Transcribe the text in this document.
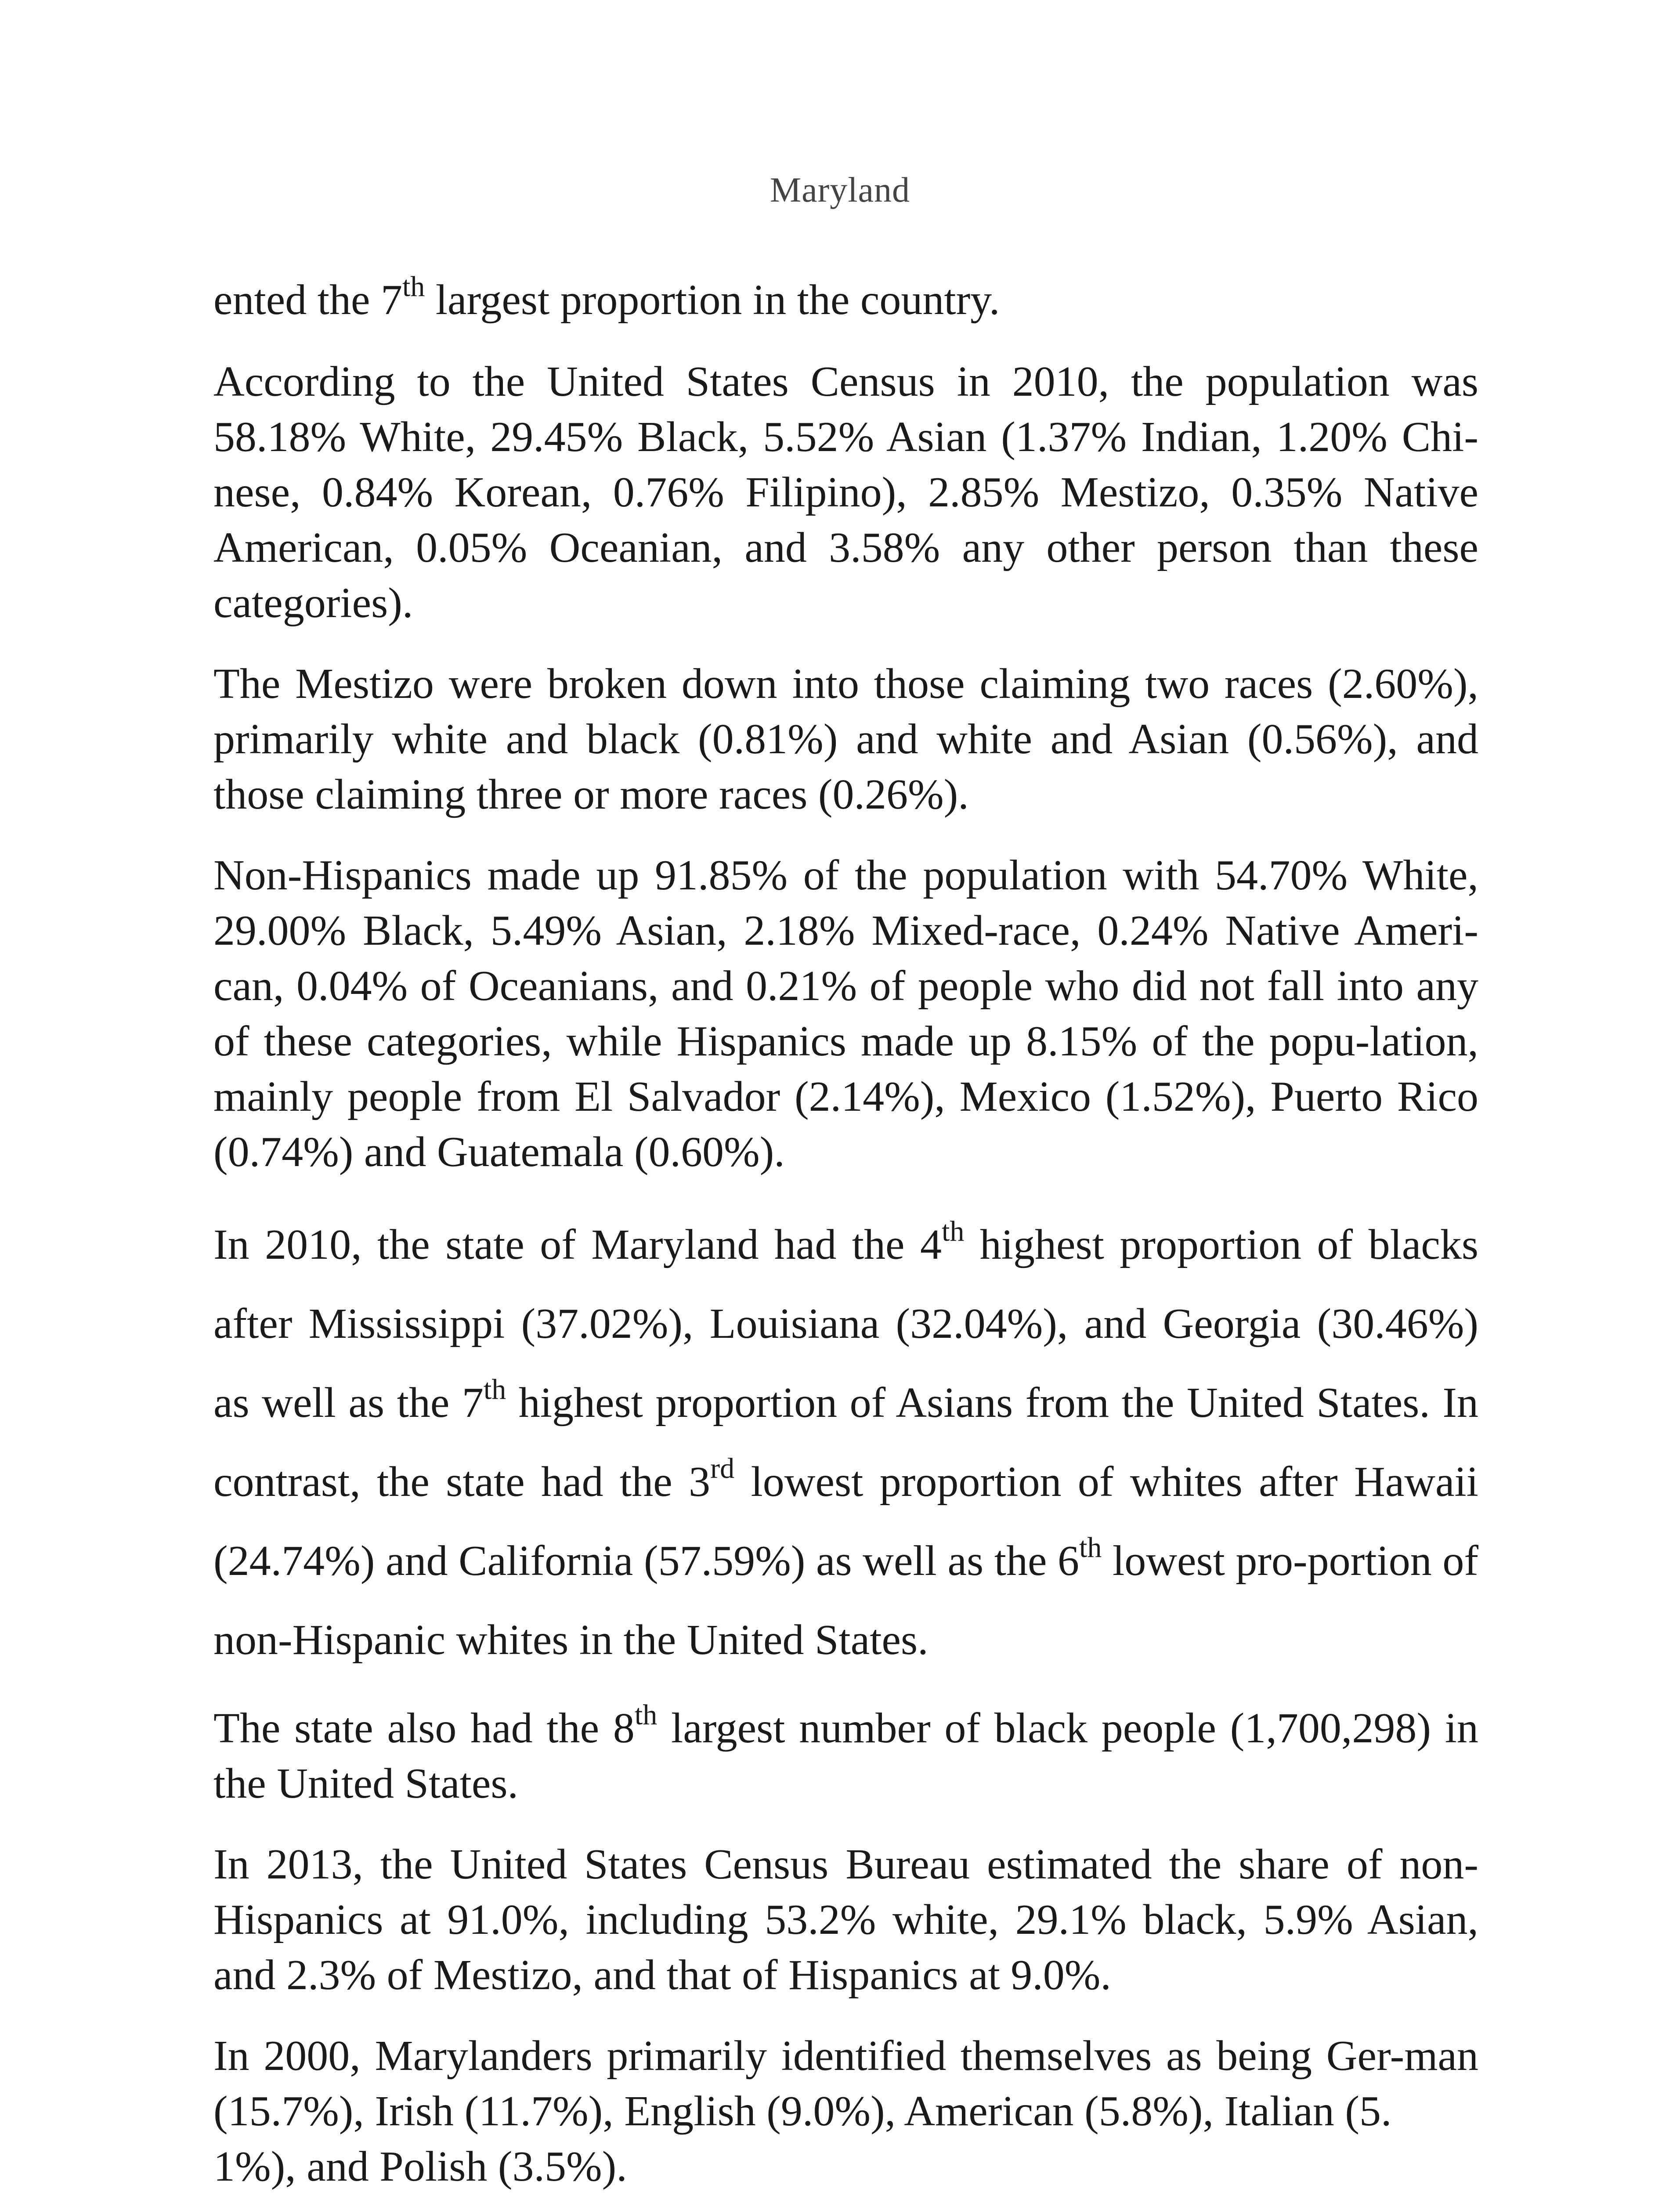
Maryland

ented the 7th largest proportion in the country.

According to the United States Census in 2010, the population was 58.18% White, 29.45% Black, 5.52% Asian (1.37% Indian, 1.20% Chi-nese, 0.84% Korean, 0.76% Filipino), 2.85% Mestizo, 0.35% Native American, 0.05% Oceanian, and 3.58% any other person than these categories).

The Mestizo were broken down into those claiming two races (2.60%), primarily white and black (0.81%) and white and Asian (0.56%), and those claiming three or more races (0.26%).

Non-Hispanics made up 91.85% of the population with 54.70% White, 29.00% Black, 5.49% Asian, 2.18% Mixed-race, 0.24% Native Ameri-can, 0.04% of Oceanians, and 0.21% of people who did not fall into any of these categories, while Hispanics made up 8.15% of the popu-lation, mainly people from El Salvador (2.14%), Mexico (1.52%), Puerto Rico (0.74%) and Guatemala (0.60%).

In 2010, the state of Maryland had the 4th highest proportion of blacks after Mississippi (37.02%), Louisiana (32.04%), and Georgia (30.46%) as well as the 7th highest proportion of Asians from the United States. In contrast, the state had the 3rd lowest proportion of whites after Hawaii (24.74%) and California (57.59%) as well as the 6th lowest pro-portion of non-Hispanic whites in the United States.

The state also had the 8th largest number of black people (1,700,298) in the United States.

In 2013, the United States Census Bureau estimated the share of non-Hispanics at 91.0%, including 53.2% white, 29.1% black, 5.9% Asian, and 2.3% of Mestizo, and that of Hispanics at 9.0%.

In 2000, Marylanders primarily identified themselves as being Ger-man (15.7%), Irish (11.7%), English (9.0%), American (5.8%), Italian (5.
1%), and Polish (3.5%).
